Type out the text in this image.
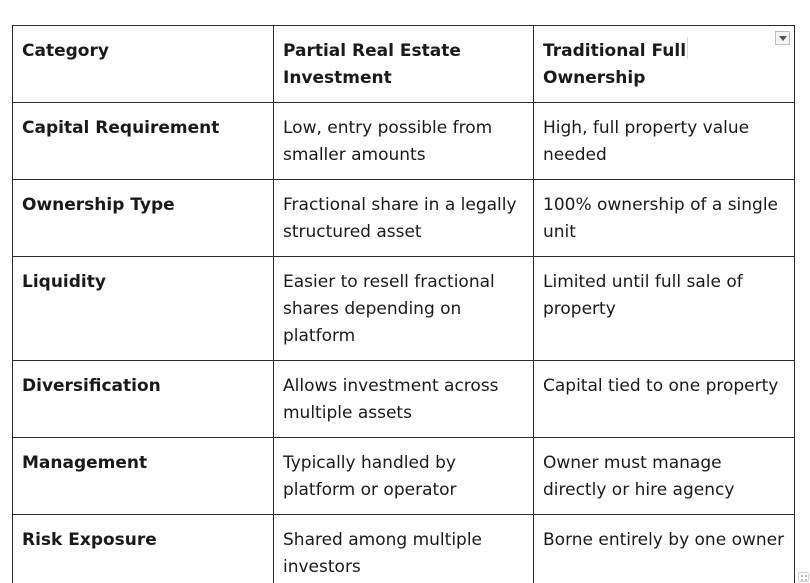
Category	Partial Real Estate Investment	Traditional Full Ownership
Capital Requirement	Low, entry possible from smaller amounts	High, full property value needed
Ownership Type	Fractional share in a legally structured asset	100% ownership of a single unit
Liquidity	Easier to resell fractional shares depending on platform	Limited until full sale of property
Diversification	Allows investment across multiple assets	Capital tied to one property
Management	Typically handled by platform or operator	Owner must manage directly or hire agency
Risk Exposure	Shared among multiple investors	Borne entirely by one owner
